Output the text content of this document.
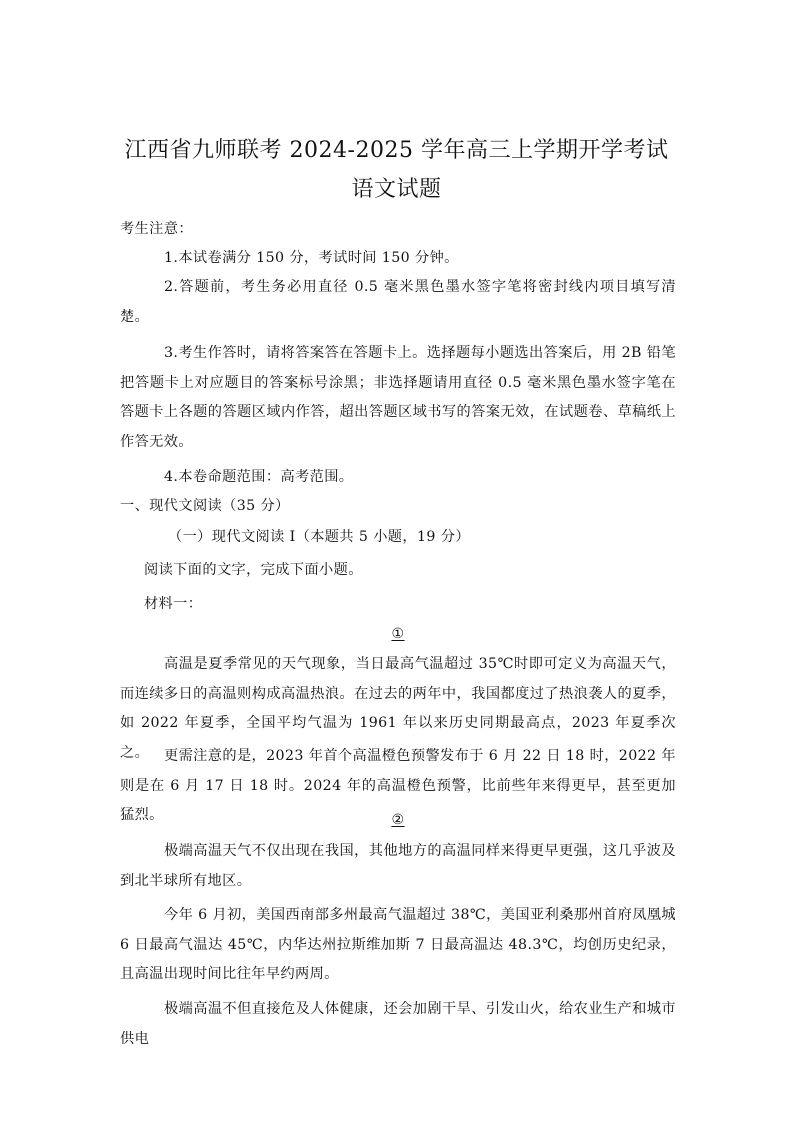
江西省九师联考 2024-2025 学年高三上学期开学考试
语文试题
考生注意：
1.本试卷满分 150 分，考试时间 150 分钟。
2.答题前，考生务必用直径 0.5 毫米黑色墨水签字笔将密封线内项目填写清楚。
3.考生作答时，请将答案答在答题卡上。选择题每小题选出答案后，用 2B 铅笔把答题卡上对应题目的答案标号涂黑；非选择题请用直径 0.5 毫米黑色墨水签字笔在答题卡上各题的答题区域内作答，超出答题区域书写的答案无效，在试题卷、草稿纸上作答无效。
4.本卷命题范围：高考范围。
一、现代文阅读（35 分）
（一）现代文阅读 I（本题共 5 小题，19 分）
阅读下面的文字，完成下面小题。
材料一：
①
高温是夏季常见的天气现象，当日最高气温超过 35℃时即可定义为高温天气，而连续多日的高温则构成高温热浪。在过去的两年中，我国都度过了热浪袭人的夏季，如 2022 年夏季，全国平均气温为 1961 年以来历史同期最高点，2023 年夏季次之。	更需注意的是，2023 年首个高温橙色预警发布于 6 月 22 日 18 时，2022 年则是在 6 月 17 日 18 时。2024 年的高温橙色预警，比前些年来得更早，甚至更加猛烈。	②
极端高温天气不仅出现在我国，其他地方的高温同样来得更早更强，这几乎波及到北半球所有地区。
今年 6 月初，美国西南部多州最高气温超过 38℃，美国亚利桑那州首府凤凰城 6 日最高气温达 45℃，内华达州拉斯维加斯 7 日最高温达 48.3℃，均创历史纪录，且高温出现时间比往年早约两周。
极端高温不但直接危及人体健康，还会加剧干旱、引发山火，给农业生产和城市供电
